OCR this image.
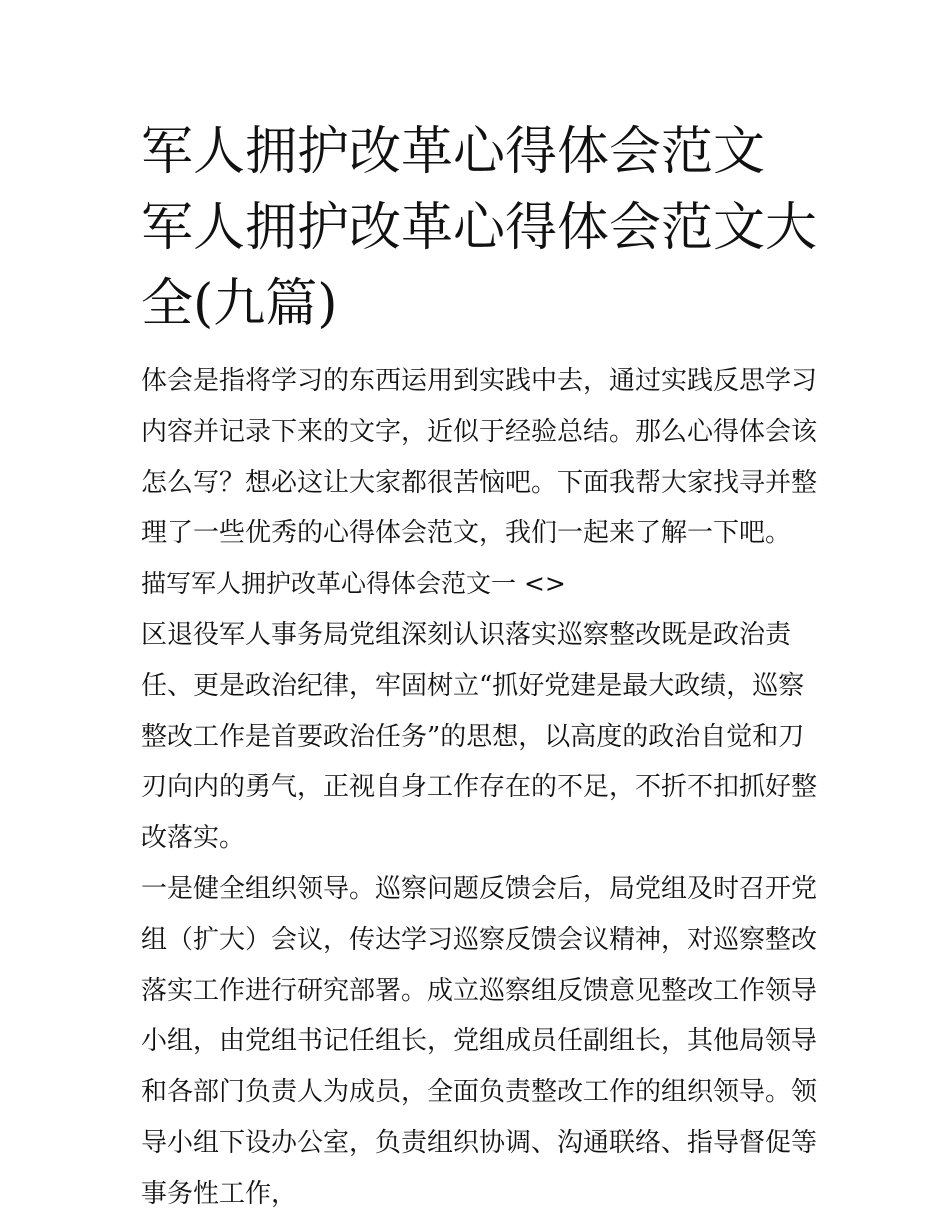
军人拥护改革心得体会范文 军人拥护改革心得体会范文大全(九篇)

体会是指将学习的东西运用到实践中去，通过实践反思学习内容并记录下来的文字，近似于经验总结。那么心得体会该怎么写？想必这让大家都很苦恼吧。下面我帮大家找寻并整理了一些优秀的心得体会范文，我们一起来了解一下吧。

描写军人拥护改革心得体会范文一 <>

区退役军人事务局党组深刻认识落实巡察整改既是政治责任、更是政治纪律，牢固树立“抓好党建是最大政绩，巡察整改工作是首要政治任务”的思想，以高度的政治自觉和刀刃向内的勇气，正视自身工作存在的不足，不折不扣抓好整改落实。

一是健全组织领导。巡察问题反馈会后，局党组及时召开党组（扩大）会议，传达学习巡察反馈会议精神，对巡察整改落实工作进行研究部署。成立巡察组反馈意见整改工作领导小组，由党组书记任组长，党组成员任副组长，其他局领导和各部门负责人为成员，全面负责整改工作的组织领导。领导小组下设办公室，负责组织协调、沟通联络、指导督促等事务性工作，
